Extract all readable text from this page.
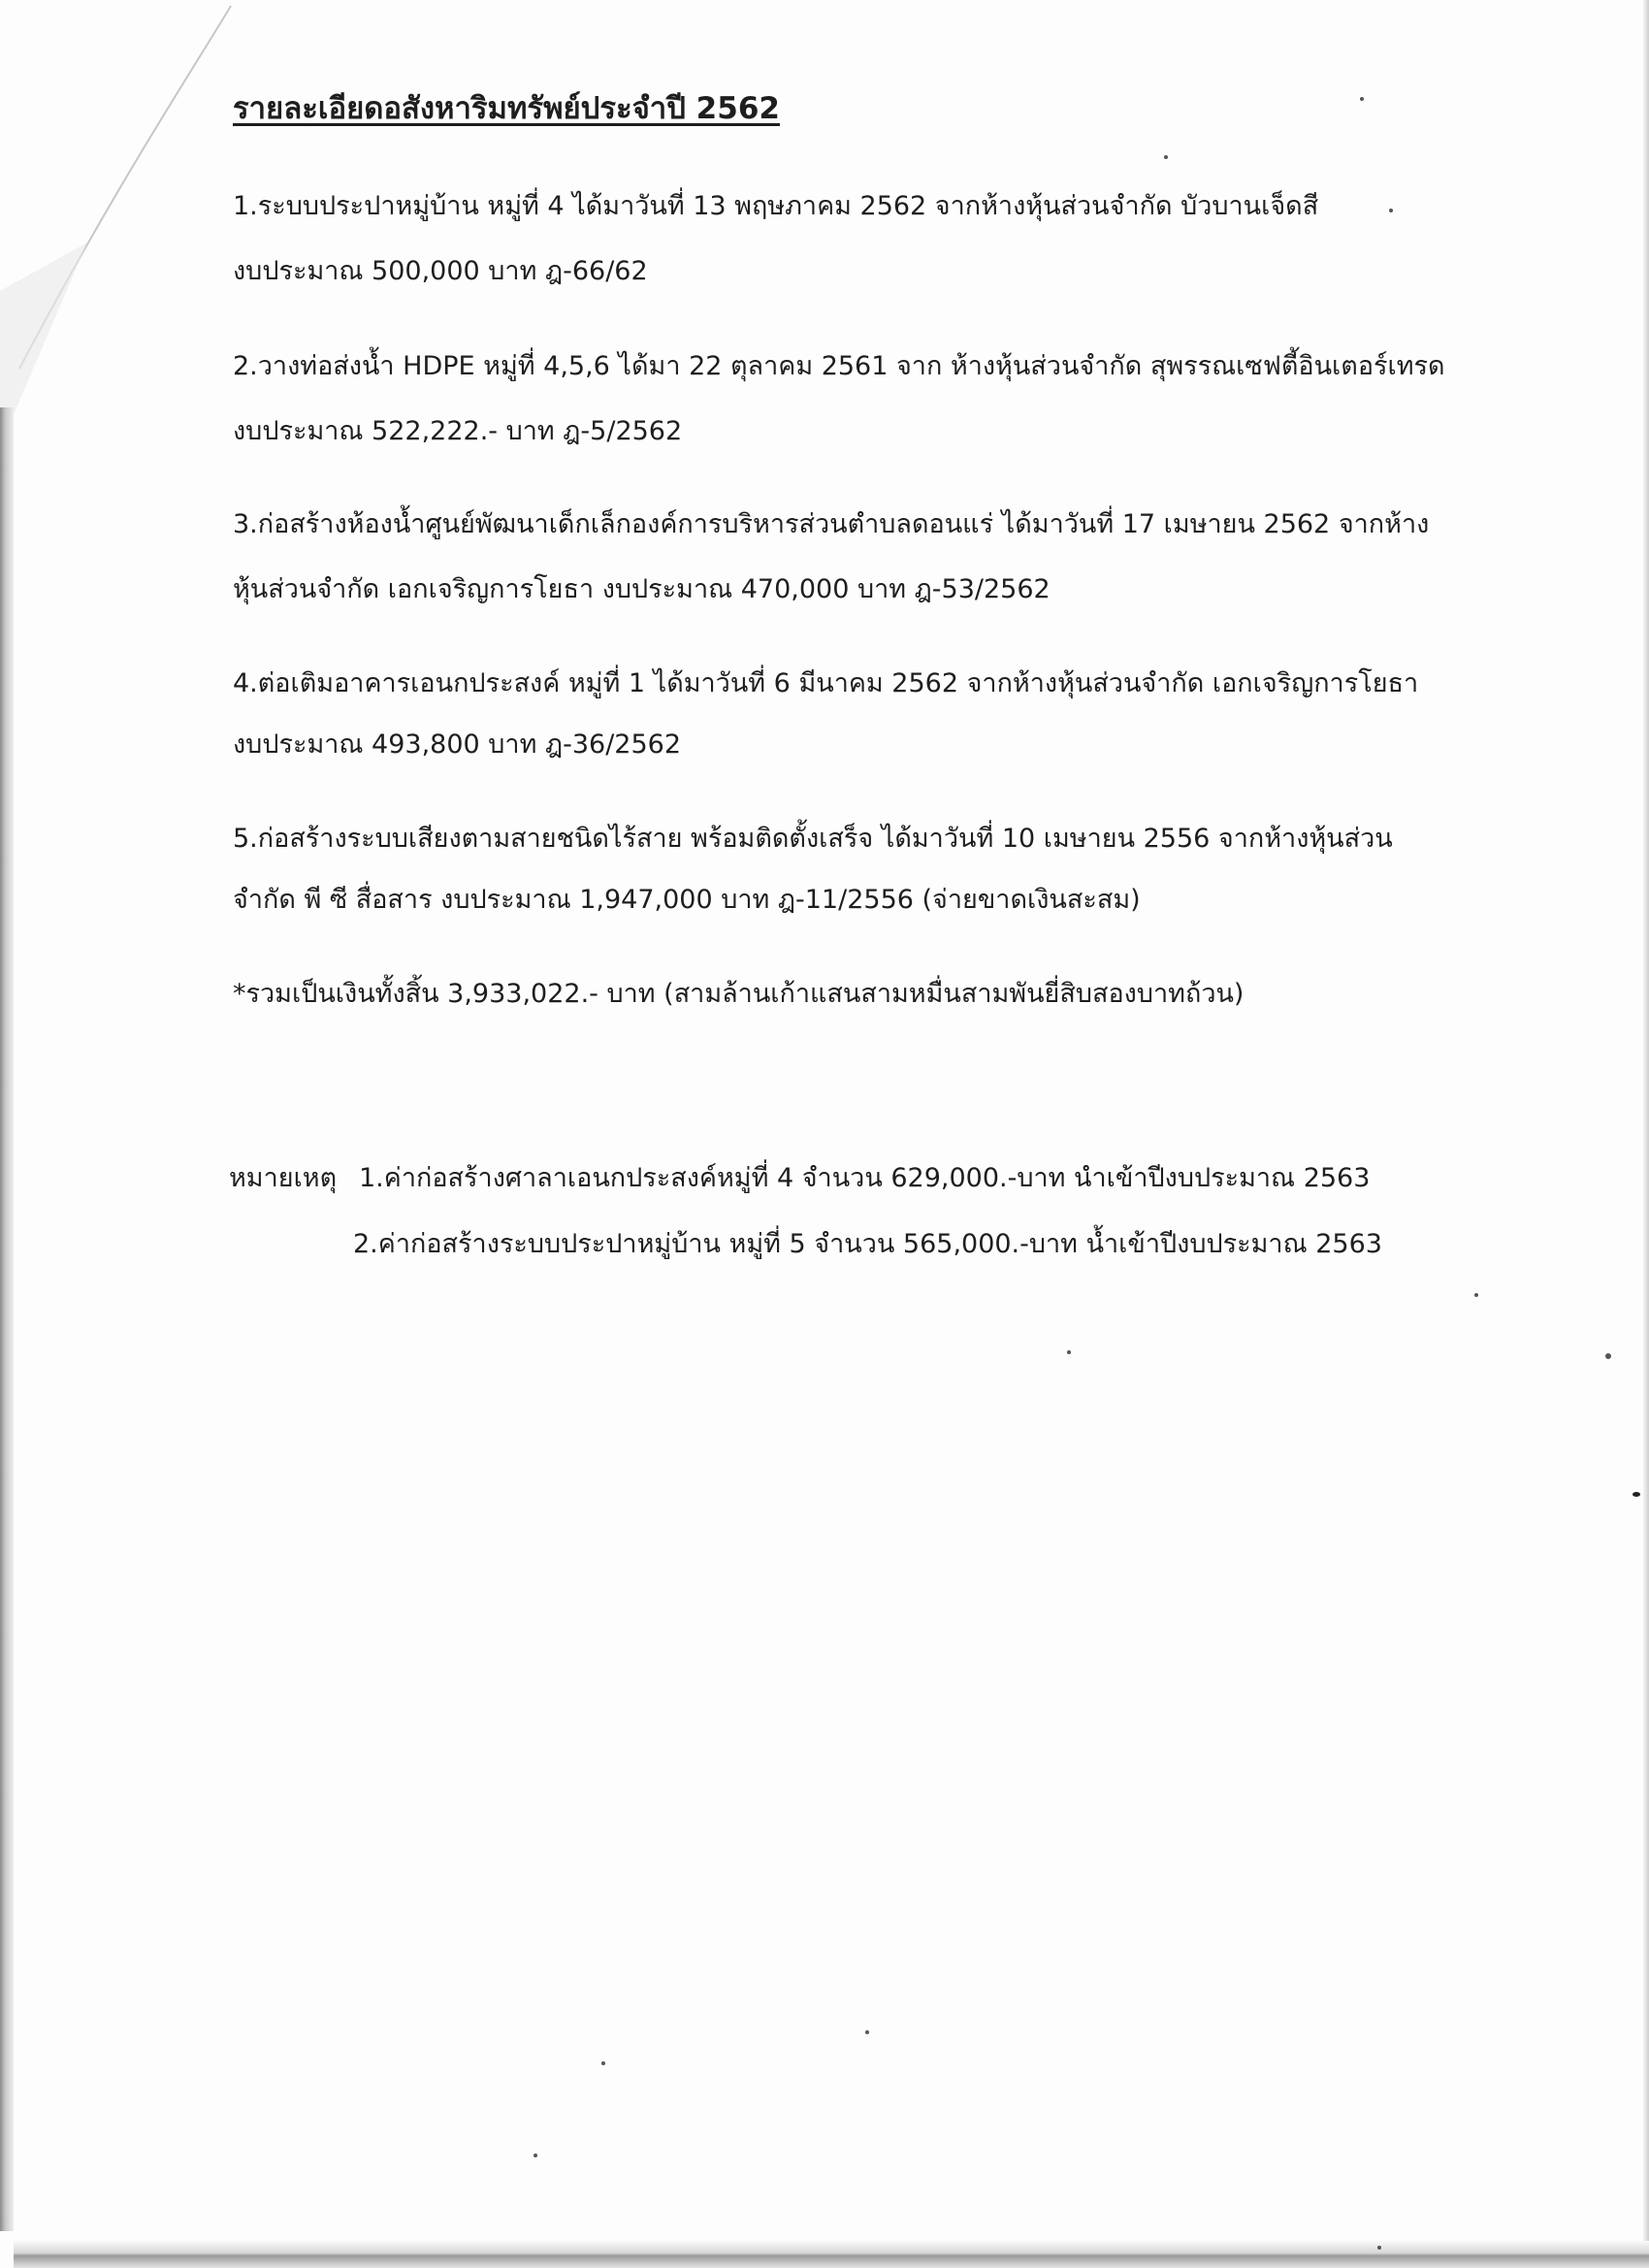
รายละเอียดอสังหาริมทรัพย์ประจำปี 2562

1.ระบบประปาหมู่บ้าน หมู่ที่ 4 ได้มาวันที่ 13 พฤษภาคม 2562 จากห้างหุ้นส่วนจำกัด บัวบานเจ็ดสี

งบประมาณ 500,000 บาท ฎ-66/62

2.วางท่อส่งน้ำ HDPE หมู่ที่ 4,5,6 ได้มา 22 ตุลาคม 2561 จาก ห้างหุ้นส่วนจำกัด สุพรรณเซฟตี้อินเตอร์เทรด

งบประมาณ 522,222.- บาท ฎ-5/2562

3.ก่อสร้างห้องน้ำศูนย์พัฒนาเด็กเล็กองค์การบริหารส่วนตำบลดอนแร่ ได้มาวันที่ 17 เมษายน 2562 จากห้าง

หุ้นส่วนจำกัด เอกเจริญการโยธา งบประมาณ 470,000 บาท ฎ-53/2562

4.ต่อเติมอาคารเอนกประสงค์ หมู่ที่ 1 ได้มาวันที่ 6 มีนาคม 2562 จากห้างหุ้นส่วนจำกัด เอกเจริญการโยธา

งบประมาณ 493,800 บาท ฎ-36/2562

5.ก่อสร้างระบบเสียงตามสายชนิดไร้สาย พร้อมติดตั้งเสร็จ ได้มาวันที่ 10 เมษายน 2556 จากห้างหุ้นส่วน

จำกัด พี ซี สื่อสาร งบประมาณ 1,947,000 บาท ฎ-11/2556 (จ่ายขาดเงินสะสม)

*รวมเป็นเงินทั้งสิ้น 3,933,022.- บาท (สามล้านเก้าแสนสามหมื่นสามพันยี่สิบสองบาทถ้วน)

หมายเหตุ 1.ค่าก่อสร้างศาลาเอนกประสงค์หมู่ที่ 4 จำนวน 629,000.-บาท นำเข้าปีงบประมาณ 2563
2.ค่าก่อสร้างระบบประปาหมู่บ้าน หมู่ที่ 5 จำนวน 565,000.-บาท น้ำเข้าปีงบประมาณ 2563
